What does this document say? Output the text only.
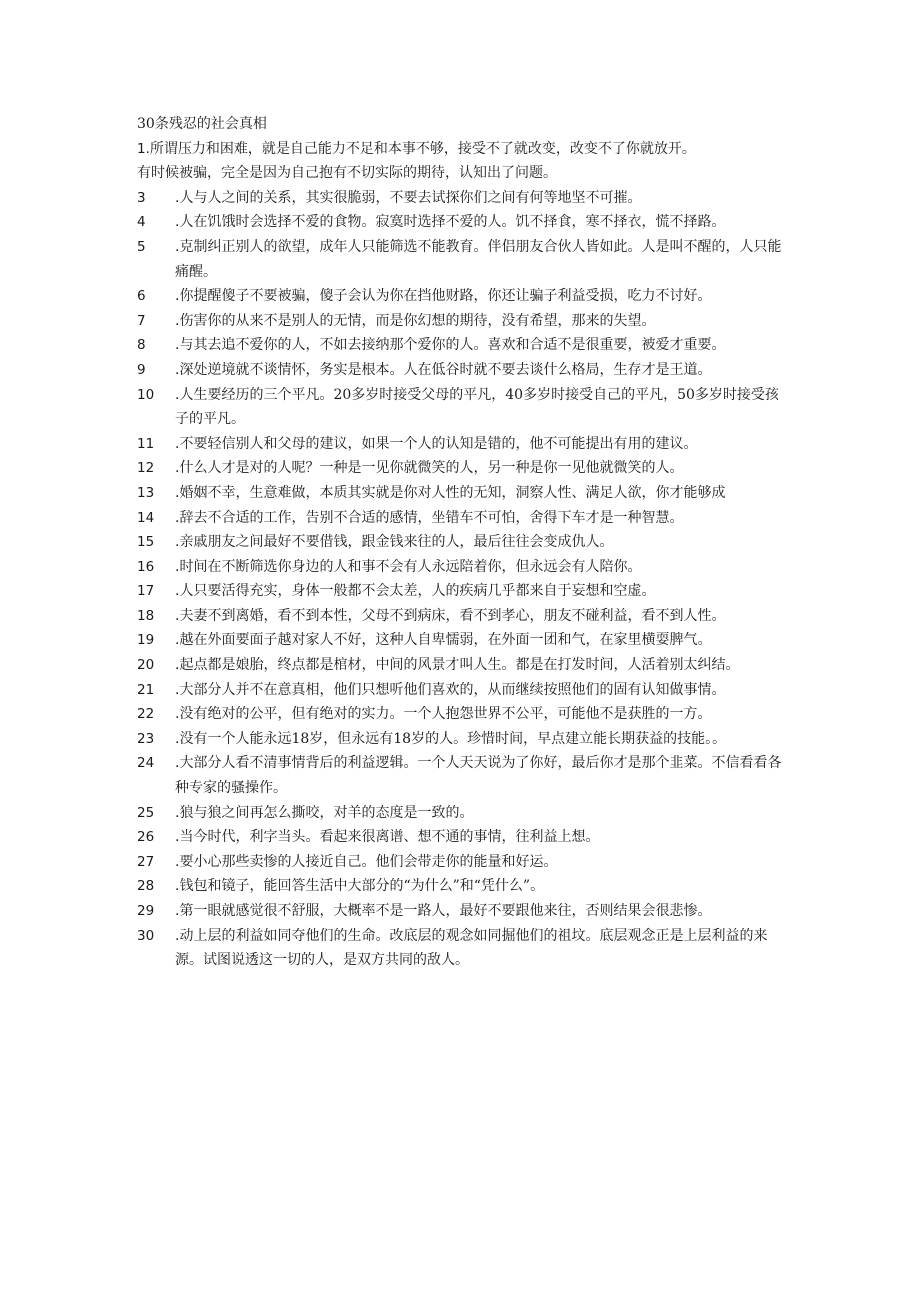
30条残忍的社会真相
1.所谓压力和困难，就是自己能力不足和本事不够，接受不了就改变，改变不了你就放开。
有时候被骗，完全是因为自己抱有不切实际的期待，认知出了问题。
3	.人与人之间的关系，其实很脆弱，不要去试探你们之间有何等地坚不可摧。
4	.人在饥饿时会选择不爱的食物。寂寞时选择不爱的人。饥不择食，寒不择衣，慌不择路。
5	.克制纠正别人的欲望，成年人只能筛选不能教育。伴侣朋友合伙人皆如此。人是叫不醒的，人只能痛醒。
6	.你提醒傻子不要被骗，傻子会认为你在挡他财路，你还让骗子利益受损，吃力不讨好。
7	.伤害你的从来不是别人的无情，而是你幻想的期待，没有希望，那来的失望。
8	.与其去追不爱你的人，不如去接纳那个爱你的人。喜欢和合适不是很重要，被爱才重要。
9	.深处逆境就不谈情怀，务实是根本。人在低谷时就不要去谈什么格局，生存才是王道。
10	.人生要经历的三个平凡。20多岁时接受父母的平凡，40多岁时接受自己的平凡，50多岁时接受孩子的平凡。
11	.不要轻信别人和父母的建议，如果一个人的认知是错的，他不可能提出有用的建议。
12	.什么人才是对的人呢？一种是一见你就微笑的人，另一种是你一见他就微笑的人。
13	.婚姻不幸，生意难做，本质其实就是你对人性的无知，洞察人性、满足人欲，你才能够成
14	.辞去不合适的工作，告别不合适的感情，坐错车不可怕，舍得下车才是一种智慧。
15	.亲戚朋友之间最好不要借钱，跟金钱来往的人，最后往往会变成仇人。
16	.时间在不断筛选你身边的人和事不会有人永远陪着你，但永远会有人陪你。
17	.人只要活得充实，身体一般都不会太差，人的疾病几乎都来自于妄想和空虚。
18	.夫妻不到离婚，看不到本性，父母不到病床，看不到孝心，朋友不碰利益，看不到人性。
19	.越在外面要面子越对家人不好，这种人自卑懦弱，在外面一团和气，在家里横耍脾气。
20	.起点都是娘胎，终点都是棺材，中间的风景才叫人生。都是在打发时间，人活着别太纠结。
21	.大部分人并不在意真相，他们只想听他们喜欢的，从而继续按照他们的固有认知做事情。
22	.没有绝对的公平，但有绝对的实力。一个人抱怨世界不公平，可能他不是获胜的一方。
23	.没有一个人能永远18岁，但永远有18岁的人。珍惜时间，早点建立能长期获益的技能。。
24	.大部分人看不清事情背后的利益逻辑。一个人天天说为了你好，最后你才是那个韭菜。不信看看各种专家的骚操作。
25	.狼与狼之间再怎么撕咬，对羊的态度是一致的。
26	.当今时代，利字当头。看起来很离谱、想不通的事情，往利益上想。
27	.要小心那些卖惨的人接近自己。他们会带走你的能量和好运。
28	.钱包和镜子，能回答生活中大部分的“为什么”和“凭什么”。
29	.第一眼就感觉很不舒服，大概率不是一路人，最好不要跟他来往，否则结果会很悲惨。
30	.动上层的利益如同夺他们的生命。改底层的观念如同掘他们的祖坟。底层观念正是上层利益的来源。试图说透这一切的人，是双方共同的敌人。
